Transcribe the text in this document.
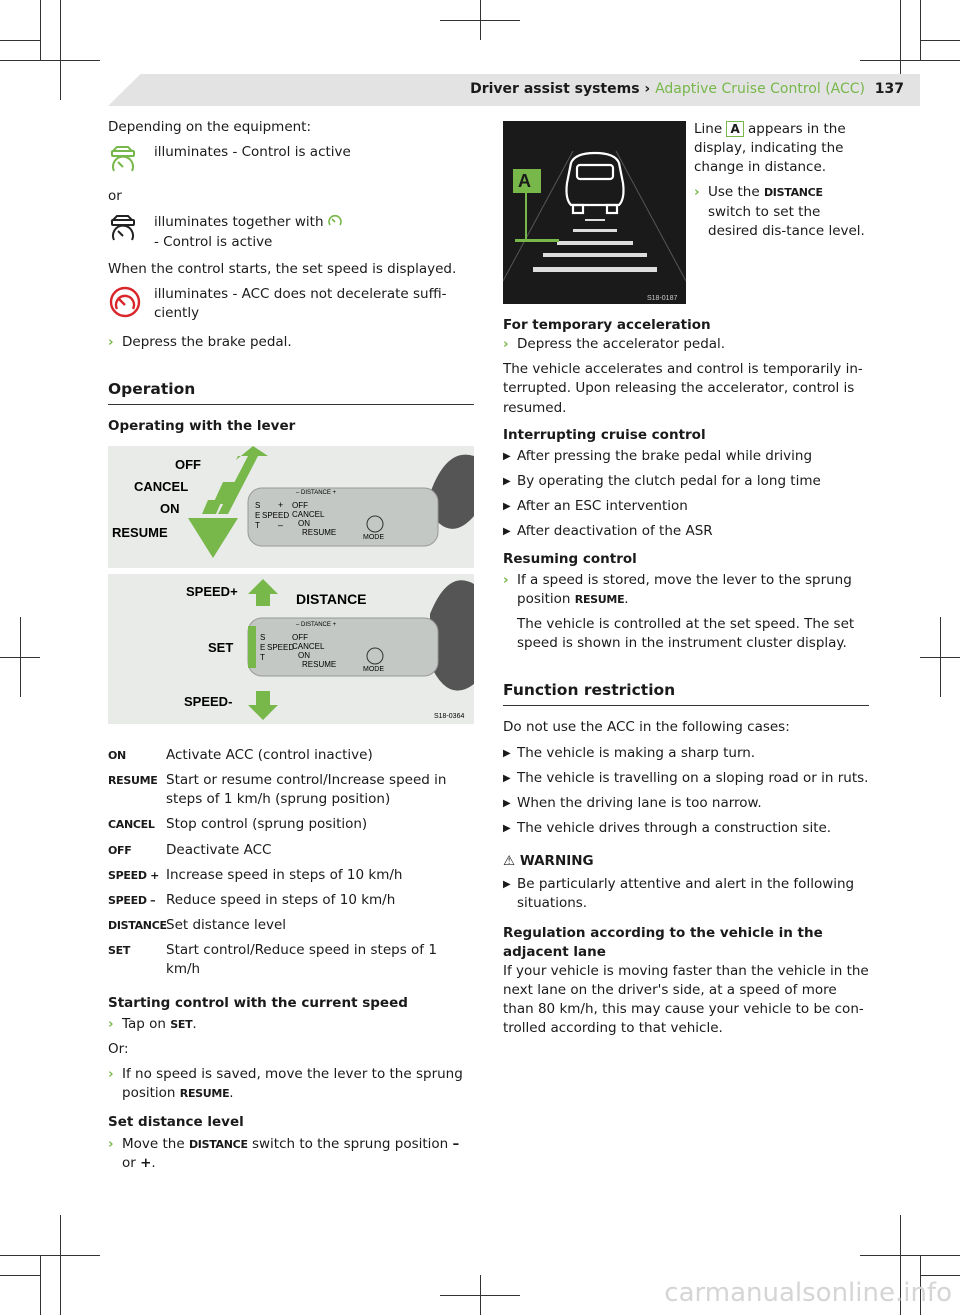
Driver assist systems › Adaptive Cruise Control (ACC) 137

Depending on the equipment:

illuminates - Control is active

or

illuminates together with
- Control is active

When the control starts, the set speed is displayed.

illuminates - ACC does not decelerate suffi-ciently
› Depress the brake pedal.
Operation

Operating with the lever

OFF
CANCEL
ON
RESUME
– DISTANCE +
S
E
T
SPEED
+
–
OFF
CANCEL
ON
RESUME
MODE
SPEED+	DISTANCE
SET
SPEED-
– DISTANCE +
S
E
T
SPEED
OFF
CANCEL
ON
RESUME
MODE
S18-0364
ON	Activate ACC (control inactive)
RESUME Start or resume control/Increase speed in steps of 1 km/h (sprung position)
CANCEL Stop control (sprung position)
OFF	Deactivate ACC
SPEED + Increase speed in steps of 10 km/h
SPEED – Reduce speed in steps of 10 km/h
DISTANCE Set distance level
SET	Start control/Reduce speed in steps of 1 km/h

Starting control with the current speed

› Tap on SET.

Or:

› If no speed is saved, move the lever to the sprung position RESUME.

Set distance level

› Move the DISTANCE switch to the sprung position – or +.
A
S18-0187

Line A appears in the display, indicating the change in distance.

› Use the DISTANCE switch to set the desired dis-tance level.

For temporary acceleration

› Depress the accelerator pedal.

The vehicle accelerates and control is temporarily in-terrupted. Upon releasing the accelerator, control is resumed.

Interrupting cruise control

▶ After pressing the brake pedal while driving
▶ By operating the clutch pedal for a long time
▶ After an ESC intervention
▶ After deactivation of the ASR

Resuming control

› If a speed is stored, move the lever to the sprung position RESUME.

The vehicle is controlled at the set speed. The set speed is shown in the instrument cluster display.

Function restriction

Do not use the ACC in the following cases:

▶ The vehicle is making a sharp turn.
▶ The vehicle is travelling on a sloping road or in ruts.
▶ When the driving lane is too narrow.
▶ The vehicle drives through a construction site.

⚠ WARNING

▶ Be particularly attentive and alert in the following situations.

Regulation according to the vehicle in the adjacent lane

If your vehicle is moving faster than the vehicle in the next lane on the driver's side, at a speed of more than 80 km/h, this may cause your vehicle to be con-trolled according to that vehicle.

carmanualsonline.info
